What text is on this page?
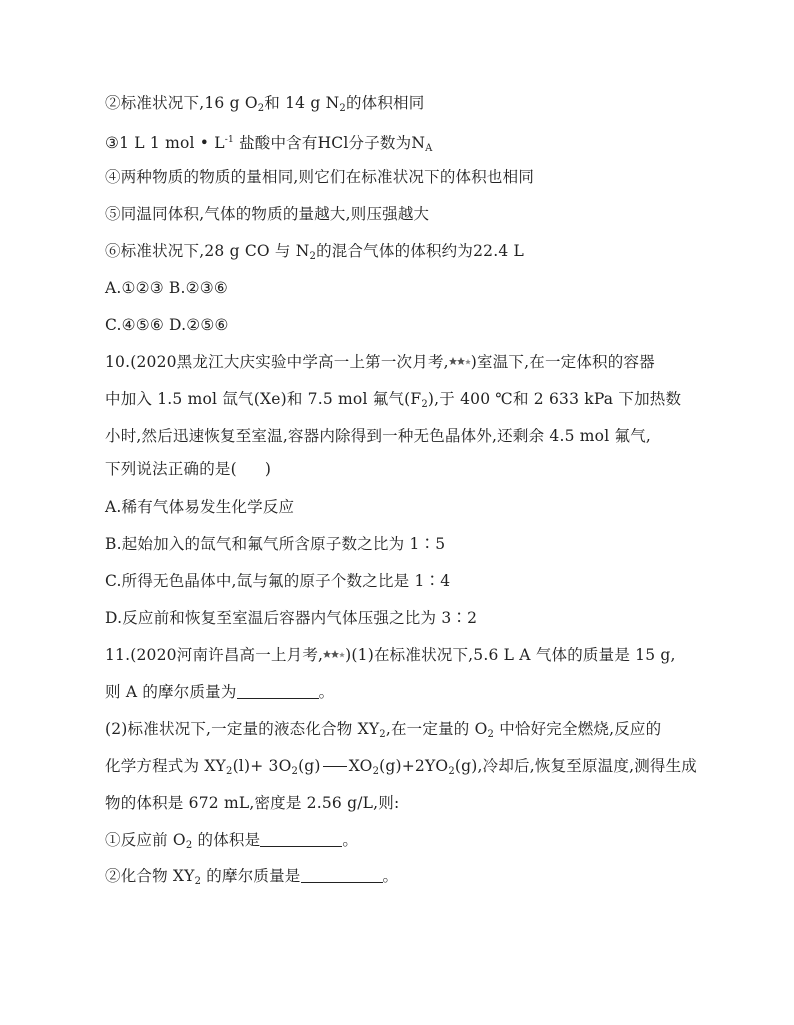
②标准状况下,16 g $O_2$和 14 g $N_2$的体积相同
③1 L 1 mol • $L^{-1}$ 盐酸中含有HCl分子数为$N_A$
④两种物质的物质的量相同,则它们在标准状况下的体积也相同
⑤同温同体积,气体的物质的量越大,则压强越大
⑥标准状况下,28 g CO 与 $N_2$的混合气体的体积约为22.4 L
A.①②③ B.②③⑥
C.④⑤⑥ D.②⑤⑥
10.(2020黑龙江大庆实验中学高一上第一次月考, )室温下,在一定体积的容器
中加入 1.5 mol 氙气(Xe)和 7.5 mol 氟气$(F_2)$,于 400 ℃和 2 633 kPa 下加热数
小时,然后迅速恢复至室温,容器内除得到一种无色晶体外,还剩余 4.5 mol 氟气,
下列说法正确的是( )
A.稀有气体易发生化学反应
B.起始加入的氙气和氟气所含原子数之比为 1∶5
C.所得无色晶体中,氙与氟的原子个数之比是 1∶4
D.反应前和恢复至室温后容器内气体压强之比为 3∶2
11.(2020河南许昌高一上月考, )(1)在标准状况下,5.6 L A 气体的质量是 15 g,
则 A 的摩尔质量为	。
(2)标准状况下,一定量的液态化合物 $XY_2$,在一定量的 $O_2$ 中恰好完全燃烧,反应的
化学方程式为 $XY_2(l)+ 3O_2(g)$ $XO_2(g)+2YO_2(g)$,冷却后,恢复至原温度,测得生成
物的体积是 672 mL,密度是 2.56 g/L,则:
①反应前 $O_2$ 的体积是	。
②化合物 $XY_2$ 的摩尔质量是	。
